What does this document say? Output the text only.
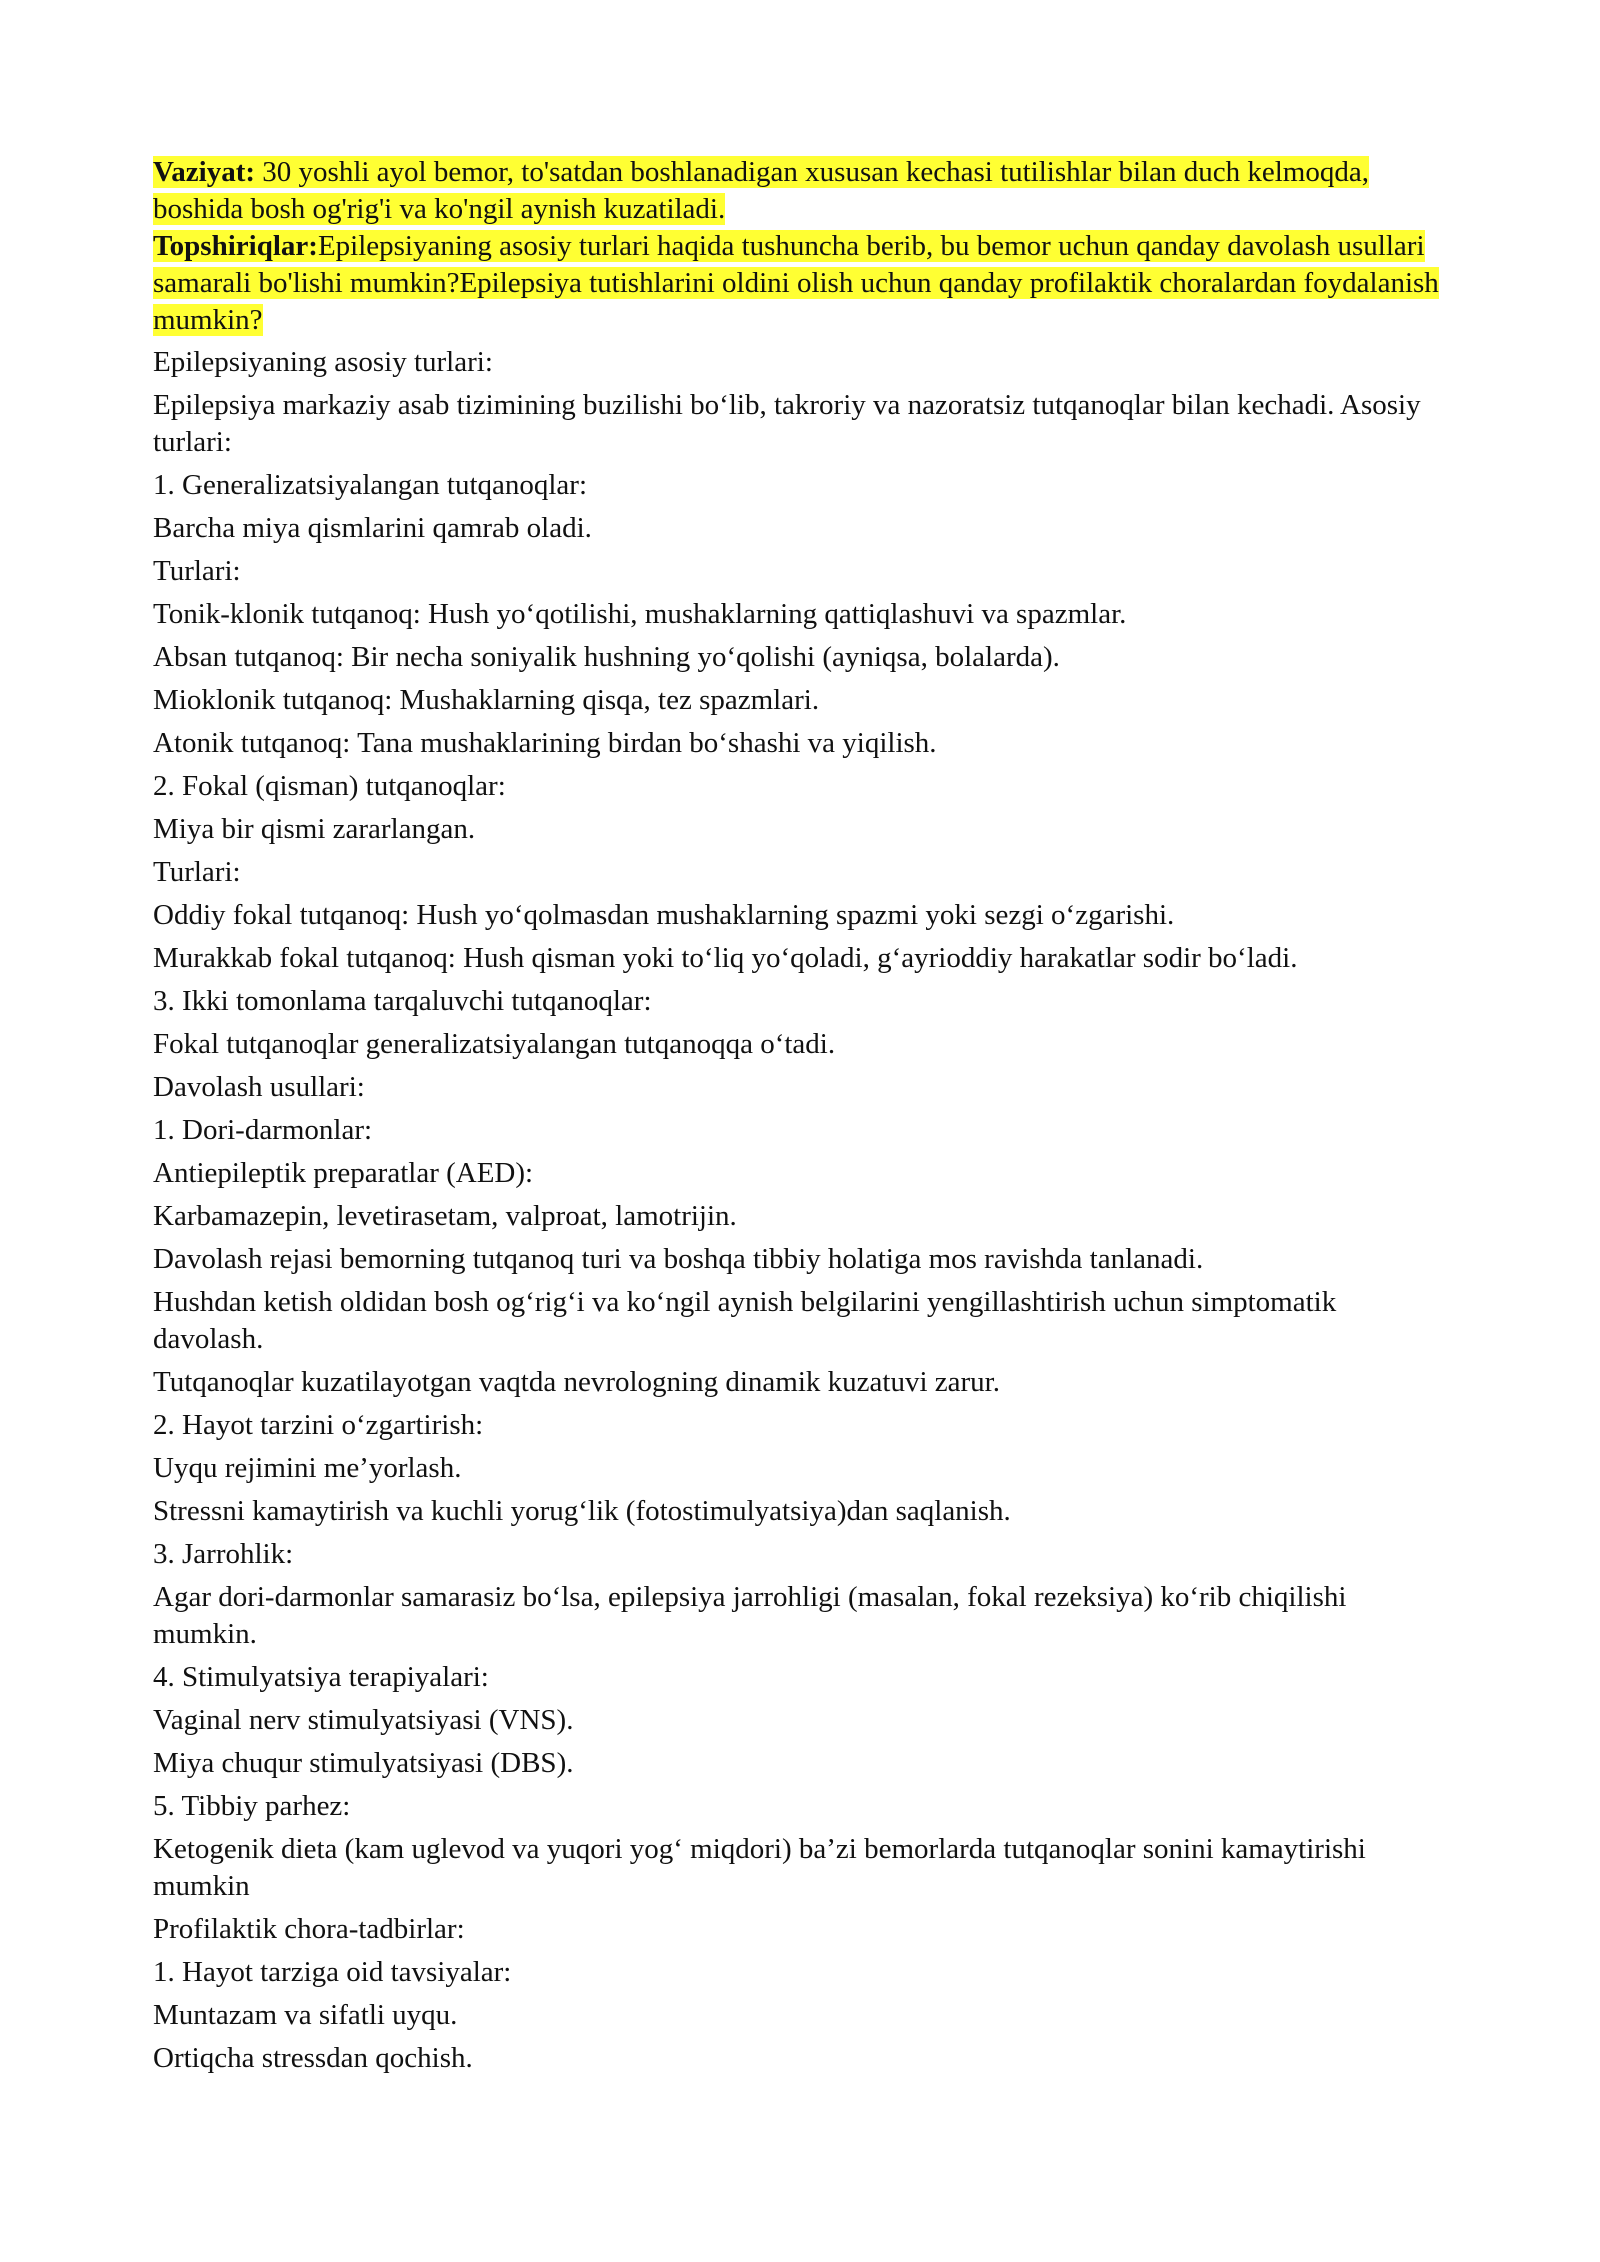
Vaziyat: 30 yoshli ayol bemor, to'satdan boshlanadigan xususan kechasi tutilishlar bilan duch kelmoqda, boshida bosh og'rig'i va ko'ngil aynish kuzatiladi.
Topshiriqlar:Epilepsiyaning asosiy turlari haqida tushuncha berib, bu bemor uchun qanday davolash usullari samarali bo'lishi mumkin?Epilepsiya tutishlarini oldini olish uchun qanday profilaktik choralardan foydalanish mumkin?

Epilepsiyaning asosiy turlari:

Epilepsiya markaziy asab tizimining buzilishi bo‘lib, takroriy va nazoratsiz tutqanoqlar bilan kechadi. Asosiy turlari:

1. Generalizatsiyalangan tutqanoqlar:

Barcha miya qismlarini qamrab oladi.

Turlari:

Tonik-klonik tutqanoq: Hush yo‘qotilishi, mushaklarning qattiqlashuvi va spazmlar.

Absan tutqanoq: Bir necha soniyalik hushning yo‘qolishi (ayniqsa, bolalarda).

Mioklonik tutqanoq: Mushaklarning qisqa, tez spazmlari.

Atonik tutqanoq: Tana mushaklarining birdan bo‘shashi va yiqilish.

2. Fokal (qisman) tutqanoqlar:

Miya bir qismi zararlangan.

Turlari:

Oddiy fokal tutqanoq: Hush yo‘qolmasdan mushaklarning spazmi yoki sezgi o‘zgarishi.

Murakkab fokal tutqanoq: Hush qisman yoki to‘liq yo‘qoladi, g‘ayrioddiy harakatlar sodir bo‘ladi.

3. Ikki tomonlama tarqaluvchi tutqanoqlar:

Fokal tutqanoqlar generalizatsiyalangan tutqanoqqa o‘tadi.

Davolash usullari:

1. Dori-darmonlar:

Antiepileptik preparatlar (AED):

Karbamazepin, levetirasetam, valproat, lamotrijin.

Davolash rejasi bemorning tutqanoq turi va boshqa tibbiy holatiga mos ravishda tanlanadi.

Hushdan ketish oldidan bosh og‘rig‘i va ko‘ngil aynish belgilarini yengillashtirish uchun simptomatik davolash.

Tutqanoqlar kuzatilayotgan vaqtda nevrologning dinamik kuzatuvi zarur.

2. Hayot tarzini o‘zgartirish:

Uyqu rejimini me’yorlash.

Stressni kamaytirish va kuchli yorug‘lik (fotostimulyatsiya)dan saqlanish.

3. Jarrohlik:

Agar dori-darmonlar samarasiz bo‘lsa, epilepsiya jarrohligi (masalan, fokal rezeksiya) ko‘rib chiqilishi mumkin.

4. Stimulyatsiya terapiyalari:

Vaginal nerv stimulyatsiyasi (VNS).

Miya chuqur stimulyatsiyasi (DBS).

5. Tibbiy parhez:

Ketogenik dieta (kam uglevod va yuqori yog‘ miqdori) ba’zi bemorlarda tutqanoqlar sonini kamaytirishi mumkin

Profilaktik chora-tadbirlar:

1. Hayot tarziga oid tavsiyalar:

Muntazam va sifatli uyqu.

Ortiqcha stressdan qochish.
